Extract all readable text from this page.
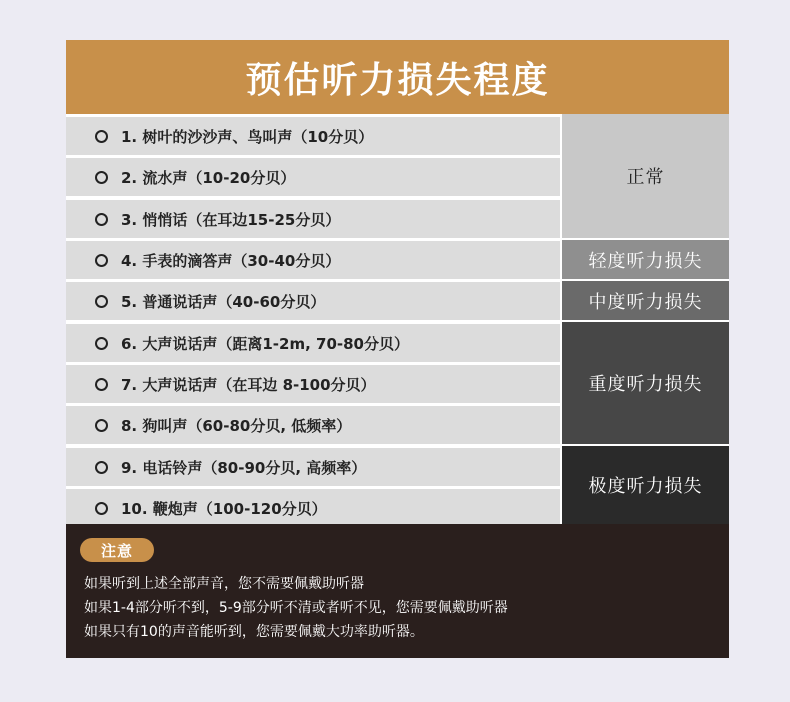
预估听力损失程度
1. 树叶的沙沙声、鸟叫声（10分贝）
2. 流水声（10-20分贝）
3. 悄悄话（在耳边15-25分贝）
4. 手表的滴答声（30-40分贝）
5. 普通说话声（40-60分贝）
6. 大声说话声（距离1-2m, 70-80分贝）
7. 大声说话声（在耳边 8-100分贝）
8. 狗叫声（60-80分贝, 低频率）
9. 电话铃声（80-90分贝, 高频率）
10. 鞭炮声（100-120分贝）
正常
轻度听力损失
中度听力损失
重度听力损失
极度听力损失
注意
如果听到上述全部声音，您不需要佩戴助听器
如果1-4部分听不到，5-9部分听不清或者听不见，您需要佩戴助听器
如果只有10的声音能听到，您需要佩戴大功率助听器。
